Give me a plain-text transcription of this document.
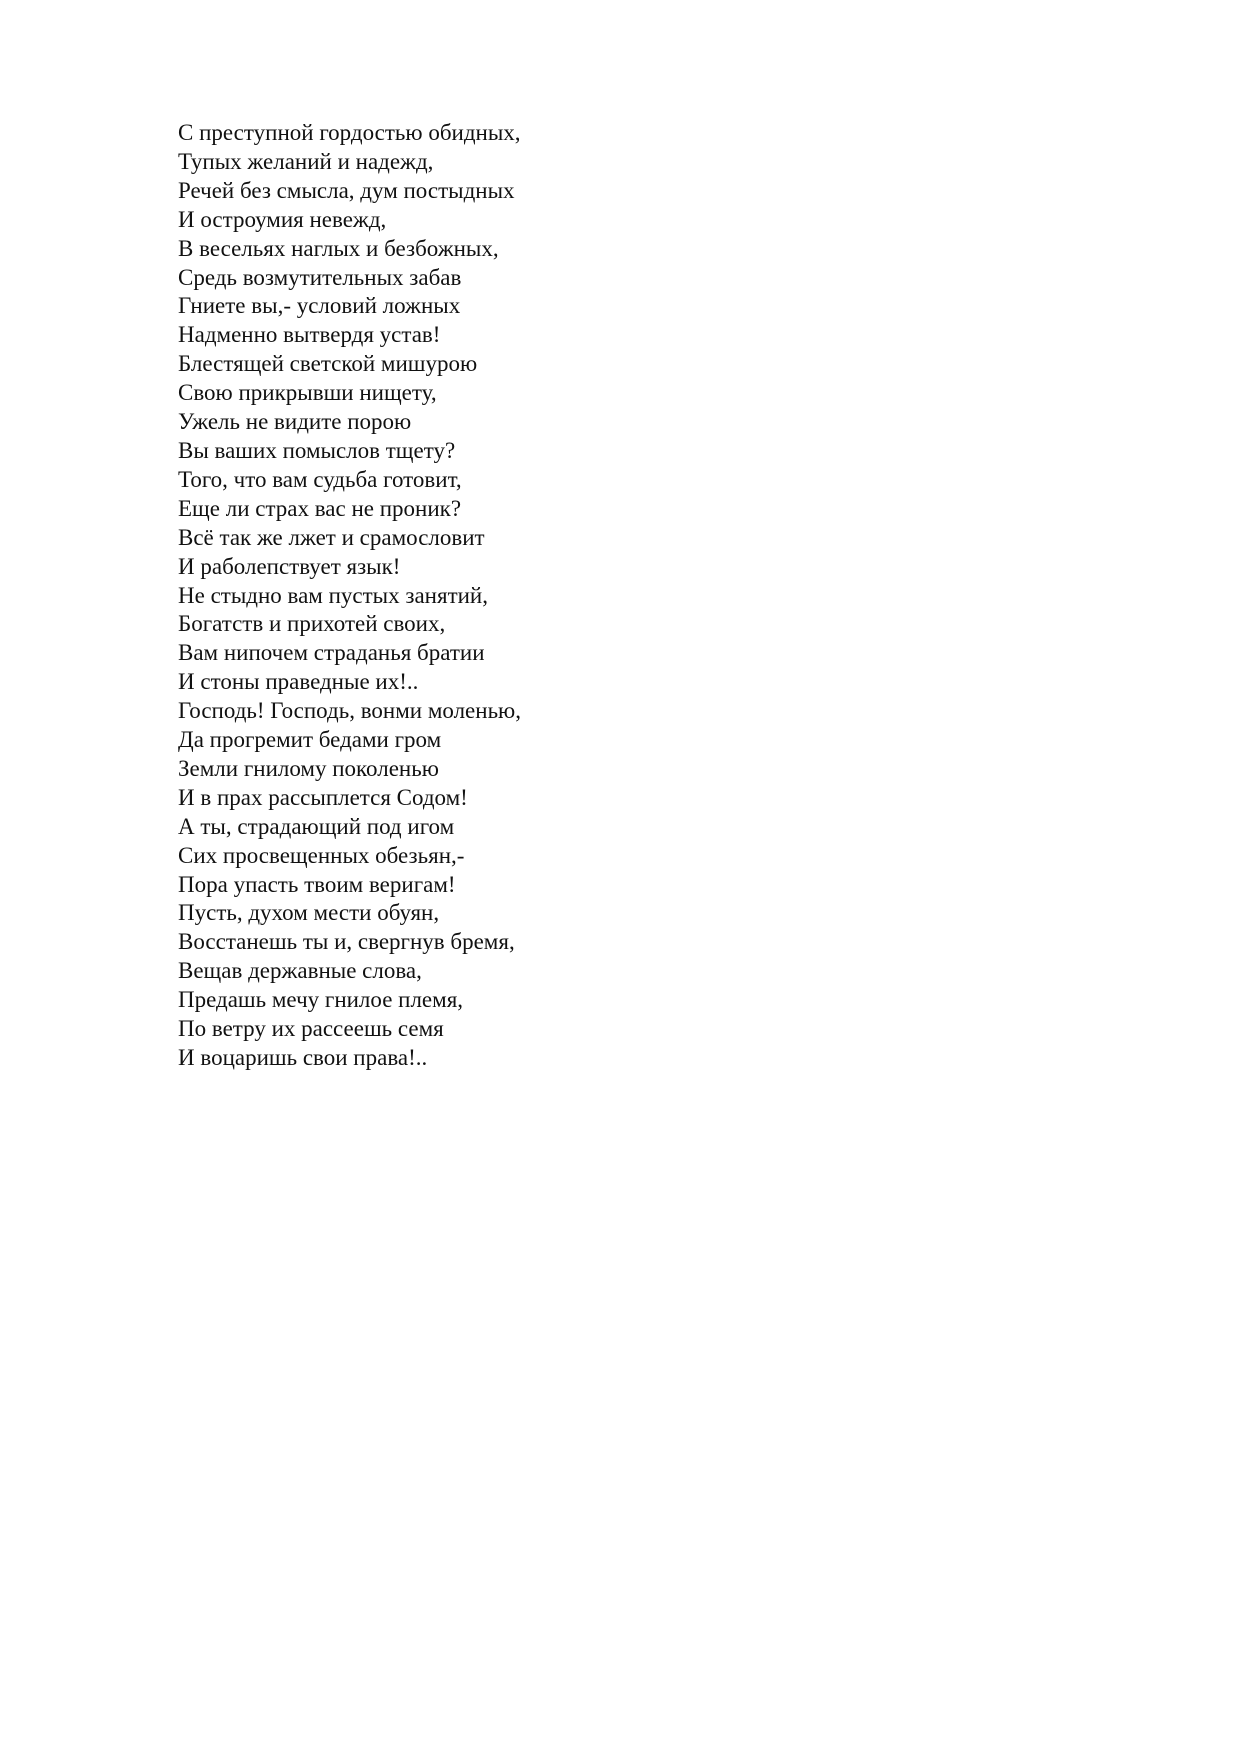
С преступной гордостью обидных,
Тупых желаний и надежд,
Речей без смысла, дум постыдных
И остроумия невежд,
В весельях наглых и безбожных,
Средь возмутительных забав
Гниете вы,- условий ложных
Надменно вытвердя устав!
Блестящей светской мишурою
Свою прикрывши нищету,
Ужель не видите порою
Вы ваших помыслов тщету?
Того, что вам судьба готовит,
Еще ли страх вас не проник?
Всё так же лжет и срамословит
И раболепствует язык!
Не стыдно вам пустых занятий,
Богатств и прихотей своих,
Вам нипочем страданья братии
И стоны праведные их!..
Господь! Господь, вонми моленью,
Да прогремит бедами гром
Земли гнилому поколенью
И в прах рассыплется Содом!
А ты, страдающий под игом
Сих просвещенных обезьян,-
Пора упасть твоим веригам!
Пусть, духом мести обуян,
Восстанешь ты и, свергнув бремя,
Вещав державные слова,
Предашь мечу гнилое племя,
По ветру их рассеешь семя
И воцаришь свои права!..
